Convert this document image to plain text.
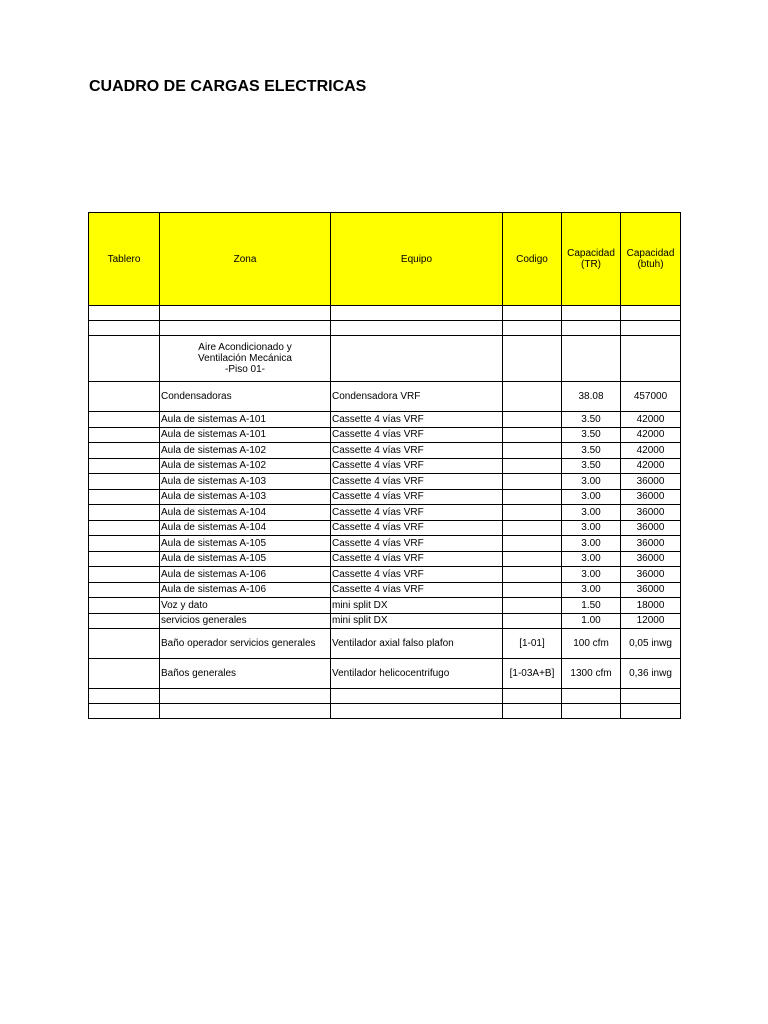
CUADRO DE CARGAS ELECTRICAS
Tablero	Zona	Equipo	Codigo	Capacidad (TR)	Capacidad (btuh)

	Aire Acondicionado y
Ventilación Mecánica
-Piso 01-				

	Condensadoras	Condensadora VRF		38.08	457000
	Aula de sistemas A-101	Cassette 4 vías VRF		3.50	42000
	Aula de sistemas A-101	Cassette 4 vías VRF		3.50	42000
	Aula de sistemas A-102	Cassette 4 vías VRF		3.50	42000
	Aula de sistemas A-102	Cassette 4 vías VRF		3.50	42000
	Aula de sistemas A-103	Cassette 4 vías VRF		3.00	36000
	Aula de sistemas A-103	Cassette 4 vías VRF		3.00	36000
	Aula de sistemas A-104	Cassette 4 vías VRF		3.00	36000
	Aula de sistemas A-104	Cassette 4 vías VRF		3.00	36000
	Aula de sistemas A-105	Cassette 4 vías VRF		3.00	36000
	Aula de sistemas A-105	Cassette 4 vías VRF		3.00	36000
	Aula de sistemas A-106	Cassette 4 vías VRF		3.00	36000
	Aula de sistemas A-106	Cassette 4 vías VRF		3.00	36000
	Voz y dato	mini split DX		1.50	18000
	servicios generales	mini split DX		1.00	12000
	Baño operador servicios generales	Ventilador axial falso plafon	[1-01]	100 cfm	0,05 inwg
	Baños generales	Ventilador helicocentrifugo	[1-03A+B]	1300 cfm	0,36 inwg
